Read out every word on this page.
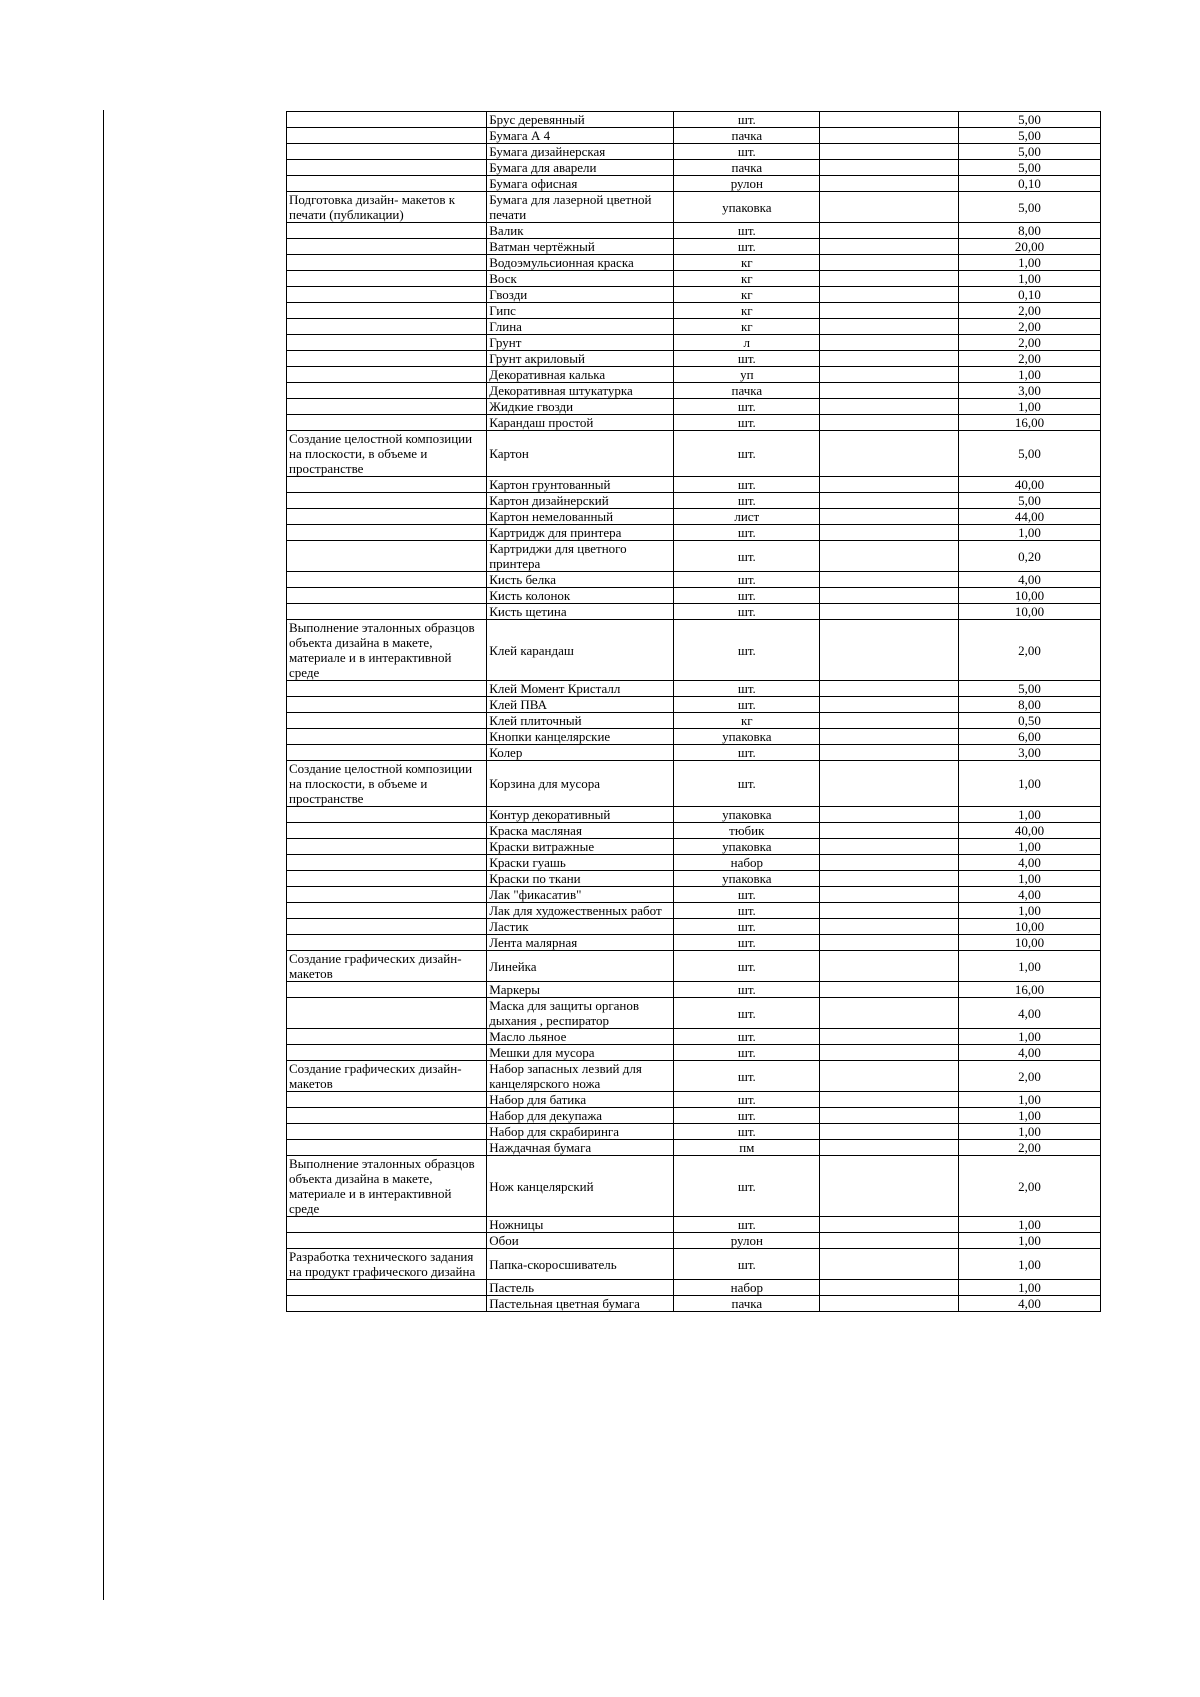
	Брус деревянный	шт.		5,00
	Бумага А 4	пачка		5,00
	Бумага дизайнерская	шт.		5,00
	Бумага для аварели	пачка		5,00
	Бумага офисная	рулон		0,10
Подготовка дизайн- макетов к печати (публикации)	Бумага для лазерной цветной печати	упаковка		5,00
	Валик	шт.		8,00
	Ватман чертёжный	шт.		20,00
	Водоэмульсионная краска	кг		1,00
	Воск	кг		1,00
	Гвозди	кг		0,10
	Гипс	кг		2,00
	Глина	кг		2,00
	Грунт	л		2,00
	Грунт акриловый	шт.		2,00
	Декоративная калька	уп		1,00
	Декоративная штукатурка	пачка		3,00
	Жидкие гвозди	шт.		1,00
	Карандаш простой	шт.		16,00
Создание целостной композиции на плоскости, в объеме и пространстве	Картон	шт.		5,00
	Картон грунтованный	шт.		40,00
	Картон дизайнерский	шт.		5,00
	Картон немелованный	лист		44,00
	Картридж для принтера	шт.		1,00
	Картриджи для цветного принтера	шт.		0,20
	Кисть белка	шт.		4,00
	Кисть колонок	шт.		10,00
	Кисть щетина	шт.		10,00
Выполнение эталонных образцов объекта дизайна в макете, материале и в интерактивной среде	Клей карандаш	шт.		2,00
	Клей Момент Кристалл	шт.		5,00
	Клей ПВА	шт.		8,00
	Клей плиточный	кг		0,50
	Кнопки канцелярские	упаковка		6,00
	Колер	шт.		3,00
Создание целостной композиции на плоскости, в объеме и пространстве	Корзина для мусора	шт.		1,00
	Контур декоративный	упаковка		1,00
	Краска масляная	тюбик		40,00
	Краски витражные	упаковка		1,00
	Краски гуашь	набор		4,00
	Краски по ткани	упаковка		1,00
	Лак "фикасатив"	шт.		4,00
	Лак для художественных работ	шт.		1,00
	Ластик	шт.		10,00
	Лента малярная	шт.		10,00
Создание графических дизайн-макетов	Линейка	шт.		1,00
	Маркеры	шт.		16,00
	Маска для защиты органов дыхания , респиратор	шт.		4,00
	Масло льяное	шт.		1,00
	Мешки для мусора	шт.		4,00
Создание графических дизайн-макетов	Набор запасных лезвий для канцелярского ножа	шт.		2,00
	Набор для батика	шт.		1,00
	Набор для декупажа	шт.		1,00
	Набор для скрабиринга	шт.		1,00
	Наждачная бумага	пм		2,00
Выполнение эталонных образцов объекта дизайна в макете, материале и в интерактивной среде	Нож канцелярский	шт.		2,00
	Ножницы	шт.		1,00
	Обои	рулон		1,00
Разработка технического задания на продукт графического дизайна	Папка-скоросшиватель	шт.		1,00
	Пастель	набор		1,00
	Пастельная цветная бумага	пачка		4,00
